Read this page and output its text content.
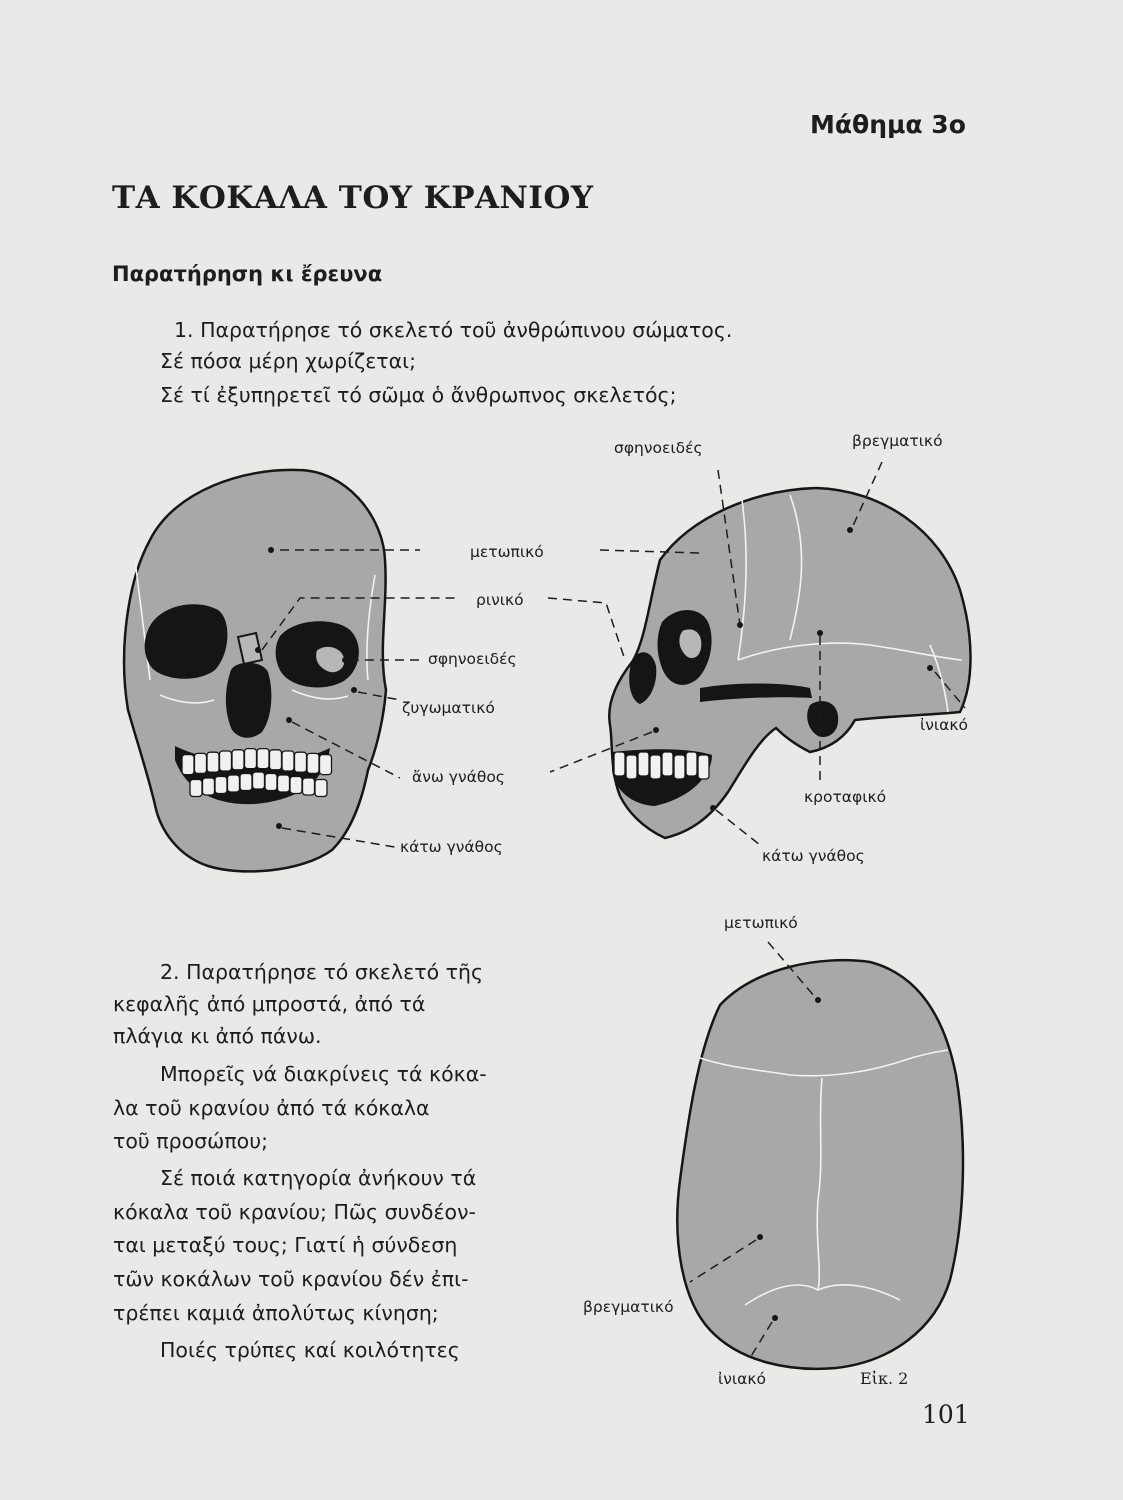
Μάθημα 3ο
ΤΑ ΚΟΚΑΛΑ ΤΟΥ ΚΡΑΝΙΟΥ
Παρατήρηση κι ἔρευνα
1. Παρατήρησε τό σκελετό τοῦ ἀνθρώπινου σώματος.
Σέ πόσα μέρη χωρίζεται;
Σέ τί ἐξυπηρετεῖ τό σῶμα ὁ ἄνθρωπνος σκελετός;
2. Παρατήρησε τό σκελετό τῆς
κεφαλῆς ἀπό μπροστά, ἀπό τά
πλάγια κι ἀπό πάνω.
Μπορεῖς νά διακρίνεις τά κόκα-
λα τοῦ κρανίου ἀπό τά κόκαλα
τοῦ προσώπου;
Σέ ποιά κατηγορία ἀνήκουν τά
κόκαλα τοῦ κρανίου; Πῶς συνδέον-
ται μεταξύ τους; Γιατί ἡ σύνδεση
τῶν κοκάλων τοῦ κρανίου δέν ἐπι-
τρέπει καμιά ἀπολύτως κίνηση;
Ποιές τρύπες καί κοιλότητες
μετωπικό
ρινικό
σφηνοειδές
ζυγωματικό
ἄνω γνάθος
κάτω γνάθος
σφηνοειδές	βρεγματικό
ἰνιακό
κροταφικό
κάτω γνάθος
μετωπικό
βρεγματικό
ἰνιακό	Εἰκ. 2
101
